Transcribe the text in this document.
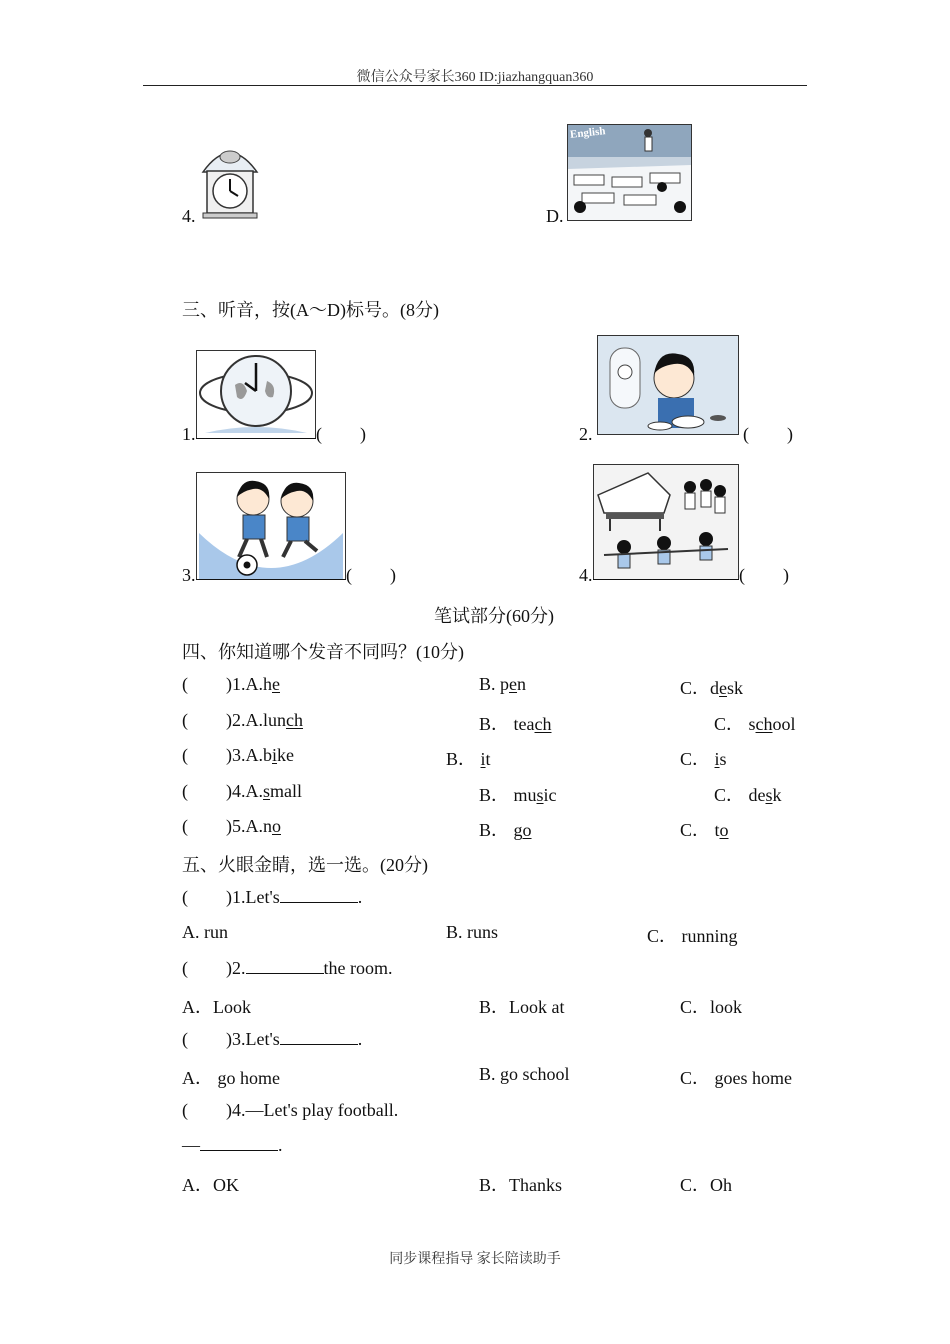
微信公众号家长360 ID:jiazhangquan360
同步课程指导 家长陪读助手
4.	D.
English
三、听音，按(A～D)标号。(8分)
1.	( )	2.	( )
3.	( )	4.	( )
笔试部分(60分)
四、你知道哪个发音不同吗？(10分)
( )1.A.he	B. pen	C．desk
( )2.A.lunch	B． teach	C． school
( )3.A.bike	B． it	C． is
( )4.A.small	B． music	C． desk
( )5.A.no	B． go	C． to
五、火眼金睛，选一选。(20分)
( )1.Let's	.
A. run	B. runs	C． running
( )2.	the room.
A．Look	B．Look at	C．look
( )3.Let's	.
A． go home	B. go school	C． goes home
( )4.—Let's play football.
—	.
A．OK	B．Thanks	C．Oh
